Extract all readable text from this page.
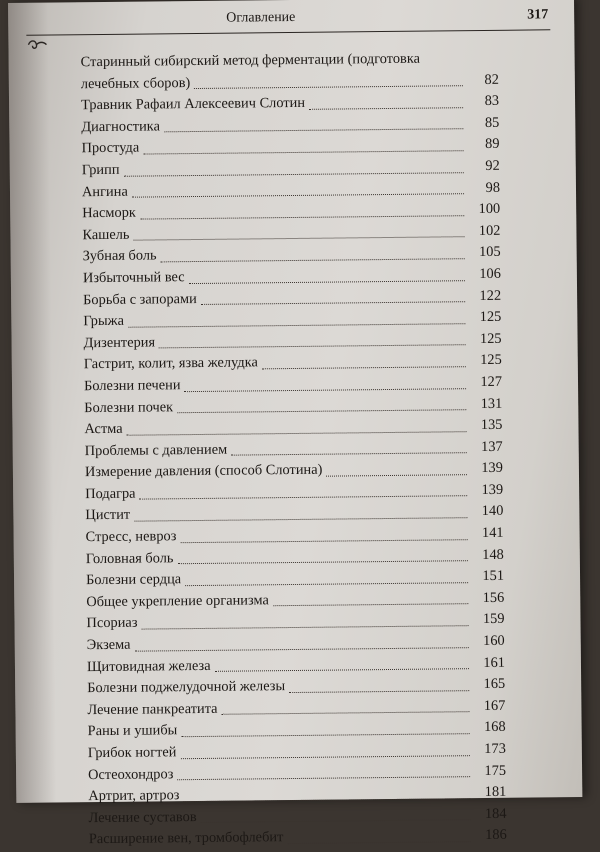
Оглавление	317
Старинный сибирский метод ферментации (подготовка
лечебных сборов)	82
Травник Рафаил Алексеевич Слотин	83
Диагностика	85
Простуда	89
Грипп	92
Ангина	98
Насморк	100
Кашель	102
Зубная боль	105
Избыточный вес	106
Борьба с запорами	122
Грыжа	125
Дизентерия	125
Гастрит, колит, язва желудка	125
Болезни печени	127
Болезни почек	131
Астма	135
Проблемы с давлением	137
Измерение давления (способ Слотина)	139
Подагра	139
Цистит	140
Стресс, невроз	141
Головная боль	148
Болезни сердца	151
Общее укрепление организма	156
Псориаз	159
Экзема	160
Щитовидная железа	161
Болезни поджелудочной железы	165
Лечение панкреатита	167
Раны и ушибы	168
Грибок ногтей	173
Остеохондроз	175
Артрит, артроз	181
Лечение суставов	184
Расширение вен, тромбофлебит	186
